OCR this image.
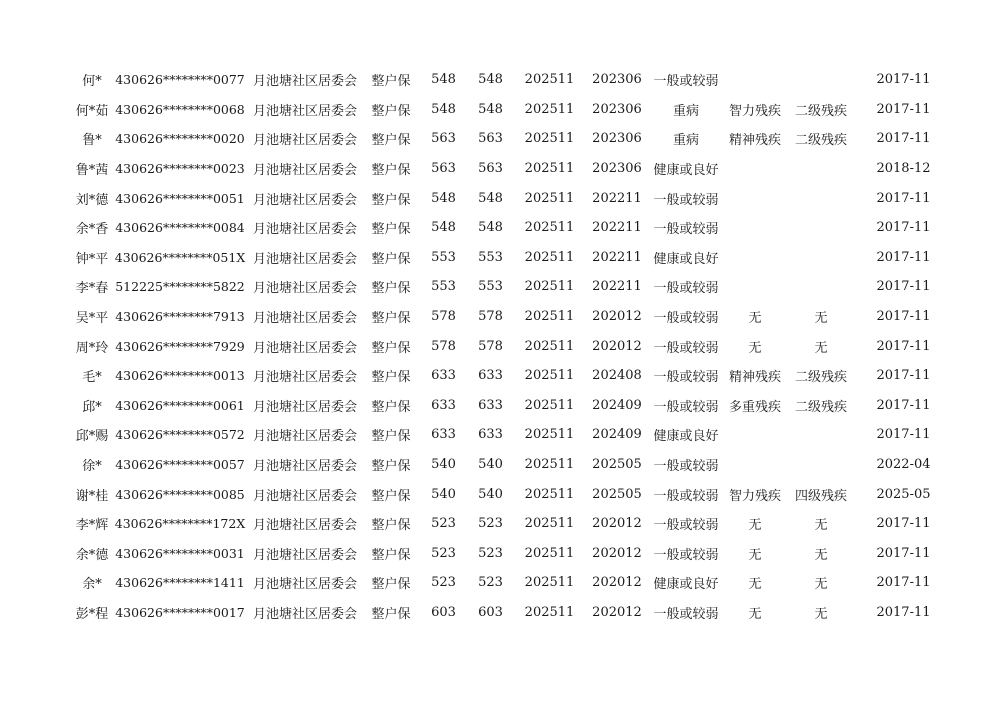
何*	430626********0077	月池塘社区居委会	整户保	548	548	202511	202306	一般或较弱			2017-11
何*茹	430626********0068	月池塘社区居委会	整户保	548	548	202511	202306	重病	智力残疾	二级残疾	2017-11
鲁*	430626********0020	月池塘社区居委会	整户保	563	563	202511	202306	重病	精神残疾	二级残疾	2017-11
鲁*茜	430626********0023	月池塘社区居委会	整户保	563	563	202511	202306	健康或良好			2018-12
刘*德	430626********0051	月池塘社区居委会	整户保	548	548	202511	202211	一般或较弱			2017-11
余*香	430626********0084	月池塘社区居委会	整户保	548	548	202511	202211	一般或较弱			2017-11
钟*平	430626********051X	月池塘社区居委会	整户保	553	553	202511	202211	健康或良好			2017-11
李*春	512225********5822	月池塘社区居委会	整户保	553	553	202511	202211	一般或较弱			2017-11
吴*平	430626********7913	月池塘社区居委会	整户保	578	578	202511	202012	一般或较弱	无	无	2017-11
周*玲	430626********7929	月池塘社区居委会	整户保	578	578	202511	202012	一般或较弱	无	无	2017-11
毛*	430626********0013	月池塘社区居委会	整户保	633	633	202511	202408	一般或较弱	精神残疾	二级残疾	2017-11
邱*	430626********0061	月池塘社区居委会	整户保	633	633	202511	202409	一般或较弱	多重残疾	二级残疾	2017-11
邱*赐	430626********0572	月池塘社区居委会	整户保	633	633	202511	202409	健康或良好			2017-11
徐*	430626********0057	月池塘社区居委会	整户保	540	540	202511	202505	一般或较弱			2022-04
谢*桂	430626********0085	月池塘社区居委会	整户保	540	540	202511	202505	一般或较弱	智力残疾	四级残疾	2025-05
李*辉	430626********172X	月池塘社区居委会	整户保	523	523	202511	202012	一般或较弱	无	无	2017-11
余*德	430626********0031	月池塘社区居委会	整户保	523	523	202511	202012	一般或较弱	无	无	2017-11
余*	430626********1411	月池塘社区居委会	整户保	523	523	202511	202012	健康或良好	无	无	2017-11
彭*程	430626********0017	月池塘社区居委会	整户保	603	603	202511	202012	一般或较弱	无	无	2017-11
